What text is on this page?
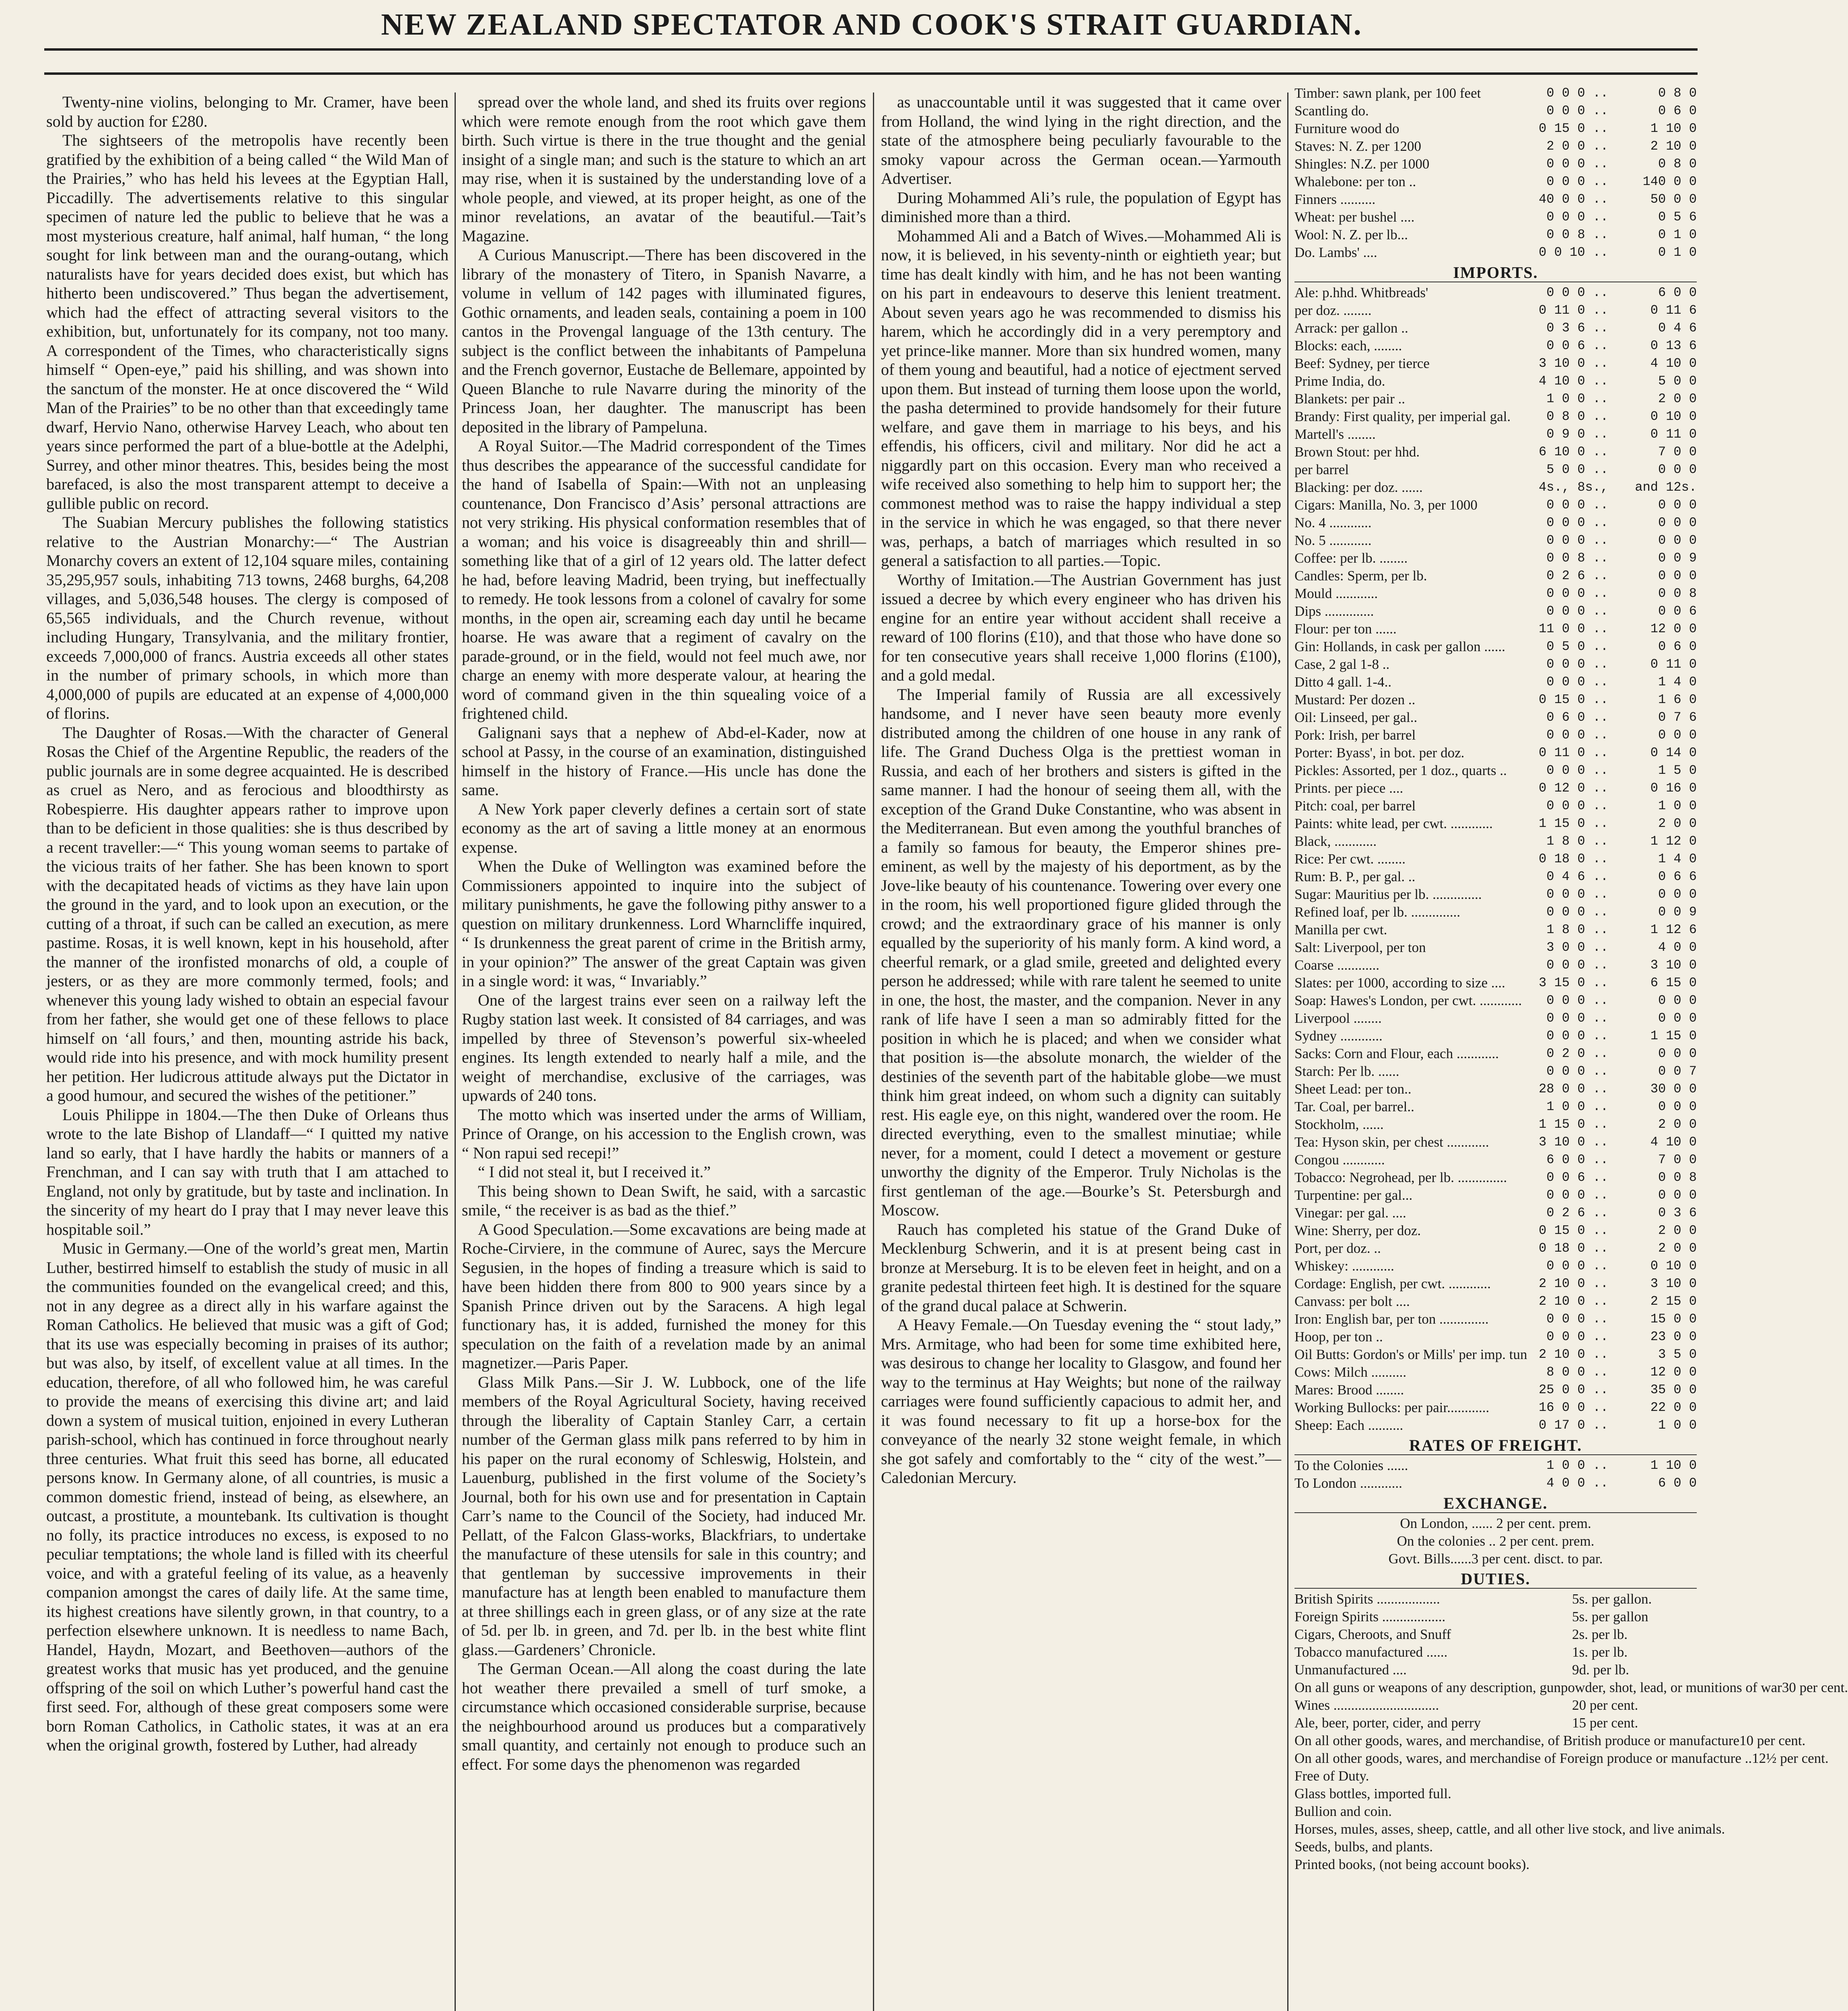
NEW ZEALAND SPECTATOR AND COOK'S STRAIT GUARDIAN.

Twenty-nine violins, belonging to Mr. Cramer, have been sold by auction for £280.

The sightseers of the metropolis have recently been gratified by the exhibition of a being called “ the Wild Man of the Prairies,” who has held his levees at the Egyptian Hall, Piccadilly. The advertisements relative to this singular specimen of nature led the public to believe that he was a most mysterious creature, half animal, half human, “ the long sought for link between man and the ourang-outang, which naturalists have for years decided does exist, but which has hitherto been undiscovered.” Thus began the advertisement, which had the effect of attracting several visitors to the exhibition, but, unfortunately for its company, not too many. A correspondent of the Times, who characteristically signs himself “ Open-eye,” paid his shilling, and was shown into the sanctum of the monster. He at once discovered the “ Wild Man of the Prairies” to be no other than that exceedingly tame dwarf, Hervio Nano, otherwise Harvey Leach, who about ten years since performed the part of a blue-bottle at the Adelphi, Surrey, and other minor theatres. This, besides being the most barefaced, is also the most transparent attempt to deceive a gullible public on record.

The Suabian Mercury publishes the following statistics relative to the Austrian Monarchy:—“ The Austrian Monarchy covers an extent of 12,104 square miles, containing 35,295,957 souls, inhabiting 713 towns, 2468 burghs, 64,208 villages, and 5,036,548 houses. The clergy is composed of 65,565 individuals, and the Church revenue, without including Hungary, Transylvania, and the military frontier, exceeds 7,000,000 of francs. Austria exceeds all other states in the number of primary schools, in which more than 4,000,000 of pupils are educated at an expense of 4,000,000 of florins.

The Daughter of Rosas.—With the character of General Rosas the Chief of the Argentine Republic, the readers of the public journals are in some degree acquainted. He is described as cruel as Nero, and as ferocious and bloodthirsty as Robespierre. His daughter appears rather to improve upon than to be deficient in those qualities: she is thus described by a recent traveller:—“ This young woman seems to partake of the vicious traits of her father. She has been known to sport with the decapitated heads of victims as they have lain upon the ground in the yard, and to look upon an execution, or the cutting of a throat, if such can be called an execution, as mere pastime. Rosas, it is well known, kept in his household, after the manner of the ironfisted monarchs of old, a couple of jesters, or as they are more commonly termed, fools; and whenever this young lady wished to obtain an especial favour from her father, she would get one of these fellows to place himself on ‘all fours,’ and then, mounting astride his back, would ride into his presence, and with mock humility present her petition. Her ludicrous attitude always put the Dictator in a good humour, and secured the wishes of the petitioner.”

Louis Philippe in 1804.—The then Duke of Orleans thus wrote to the late Bishop of Llandaff—“ I quitted my native land so early, that I have hardly the habits or manners of a Frenchman, and I can say with truth that I am attached to England, not only by gratitude, but by taste and inclination. In the sincerity of my heart do I pray that I may never leave this hospitable soil.”

Music in Germany.—One of the world’s great men, Martin Luther, bestirred himself to establish the study of music in all the communities founded on the evangelical creed; and this, not in any degree as a direct ally in his warfare against the Roman Catholics. He believed that music was a gift of God; that its use was especially becoming in praises of its author; but was also, by itself, of excellent value at all times. In the education, therefore, of all who followed him, he was careful to provide the means of exercising this divine art; and laid down a system of musical tuition, enjoined in every Lutheran parish-school, which has continued in force throughout nearly three centuries. What fruit this seed has borne, all educated persons know. In Germany alone, of all countries, is music a common domestic friend, instead of being, as elsewhere, an outcast, a prostitute, a mountebank. Its cultivation is thought no folly, its practice introduces no excess, is exposed to no peculiar temptations; the whole land is filled with its cheerful voice, and with a grateful feeling of its value, as a heavenly companion amongst the cares of daily life. At the same time, its highest creations have silently grown, in that country, to a perfection elsewhere unknown. It is needless to name Bach, Handel, Haydn, Mozart, and Beethoven—authors of the greatest works that music has yet produced, and the genuine offspring of the soil on which Luther’s powerful hand cast the first seed. For, although of these great composers some were born Roman Catholics, in Catholic states, it was at an era when the original growth, fostered by Luther, had already

spread over the whole land, and shed its fruits over regions which were remote enough from the root which gave them birth. Such virtue is there in the true thought and the genial insight of a single man; and such is the stature to which an art may rise, when it is sustained by the understanding love of a whole people, and viewed, at its proper height, as one of the minor revelations, an avatar of the beautiful.—Tait’s Magazine.

A Curious Manuscript.—There has been discovered in the library of the monastery of Titero, in Spanish Navarre, a volume in vellum of 142 pages with illuminated figures, Gothic ornaments, and leaden seals, containing a poem in 100 cantos in the Provengal language of the 13th century. The subject is the conflict between the inhabitants of Pampeluna and the French governor, Eustache de Bellemare, appointed by Queen Blanche to rule Navarre during the minority of the Princess Joan, her daughter. The manuscript has been deposited in the library of Pampeluna.

A Royal Suitor.—The Madrid correspondent of the Times thus describes the appearance of the successful candidate for the hand of Isabella of Spain:—With not an unpleasing countenance, Don Francisco d’Asis’ personal attractions are not very striking. His physical conformation resembles that of a woman; and his voice is disagreeably thin and shrill—something like that of a girl of 12 years old. The latter defect he had, before leaving Madrid, been trying, but ineffectually to remedy. He took lessons from a colonel of cavalry for some months, in the open air, screaming each day until he became hoarse. He was aware that a regiment of cavalry on the parade-ground, or in the field, would not feel much awe, nor charge an enemy with more desperate valour, at hearing the word of command given in the thin squealing voice of a frightened child.

Galignani says that a nephew of Abd-el-Kader, now at school at Passy, in the course of an examination, distinguished himself in the history of France.—His uncle has done the same.

A New York paper cleverly defines a certain sort of state economy as the art of saving a little money at an enormous expense.

When the Duke of Wellington was examined before the Commissioners appointed to inquire into the subject of military punishments, he gave the following pithy answer to a question on military drunkenness. Lord Wharncliffe inquired, “ Is drunkenness the great parent of crime in the British army, in your opinion?” The answer of the great Captain was given in a single word: it was, “ Invariably.”

One of the largest trains ever seen on a railway left the Rugby station last week. It consisted of 84 carriages, and was impelled by three of Stevenson’s powerful six-wheeled engines. Its length extended to nearly half a mile, and the weight of merchandise, exclusive of the carriages, was upwards of 240 tons.

The motto which was inserted under the arms of William, Prince of Orange, on his accession to the English crown, was “ Non rapui sed recepi!”

“ I did not steal it, but I received it.”

This being shown to Dean Swift, he said, with a sarcastic smile, “ the receiver is as bad as the thief.”

A Good Speculation.—Some excavations are being made at Roche-Cirviere, in the commune of Aurec, says the Mercure Segusien, in the hopes of finding a treasure which is said to have been hidden there from 800 to 900 years since by a Spanish Prince driven out by the Saracens. A high legal functionary has, it is added, furnished the money for this speculation on the faith of a revelation made by an animal magnetizer.—Paris Paper.

Glass Milk Pans.—Sir J. W. Lubbock, one of the life members of the Royal Agricultural Society, having received through the liberality of Captain Stanley Carr, a certain number of the German glass milk pans referred to by him in his paper on the rural economy of Schleswig, Holstein, and Lauenburg, published in the first volume of the Society’s Journal, both for his own use and for presentation in Captain Carr’s name to the Council of the Society, had induced Mr. Pellatt, of the Falcon Glass-works, Blackfriars, to undertake the manufacture of these utensils for sale in this country; and that gentleman by successive improvements in their manufacture has at length been enabled to manufacture them at three shillings each in green glass, or of any size at the rate of 5d. per lb. in green, and 7d. per lb. in the best white flint glass.—Gardeners’ Chronicle.

The German Ocean.—All along the coast during the late hot weather there prevailed a smell of turf smoke, a circumstance which occasioned considerable surprise, because the neighbourhood around us produces but a comparatively small quantity, and certainly not enough to produce such an effect. For some days the phenomenon was regarded

as unaccountable until it was suggested that it came over from Holland, the wind lying in the right direction, and the state of the atmosphere being peculiarly favourable to the smoky vapour across the German ocean.—Yarmouth Advertiser.

During Mohammed Ali’s rule, the population of Egypt has diminished more than a third.

Mohammed Ali and a Batch of Wives.—Mohammed Ali is now, it is believed, in his seventy-ninth or eightieth year; but time has dealt kindly with him, and he has not been wanting on his part in endeavours to deserve this lenient treatment. About seven years ago he was recommended to dismiss his harem, which he accordingly did in a very peremptory and yet prince-like manner. More than six hundred women, many of them young and beautiful, had a notice of ejectment served upon them. But instead of turning them loose upon the world, the pasha determined to provide handsomely for their future welfare, and gave them in marriage to his beys, and his effendis, his officers, civil and military. Nor did he act a niggardly part on this occasion. Every man who received a wife received also something to help him to support her; the commonest method was to raise the happy individual a step in the service in which he was engaged, so that there never was, perhaps, a batch of marriages which resulted in so general a satisfaction to all parties.—Topic.

Worthy of Imitation.—The Austrian Government has just issued a decree by which every engineer who has driven his engine for an entire year without accident shall receive a reward of 100 florins (£10), and that those who have done so for ten consecutive years shall receive 1,000 florins (£100), and a gold medal.

The Imperial family of Russia are all excessively handsome, and I never have seen beauty more evenly distributed among the children of one house in any rank of life. The Grand Duchess Olga is the prettiest woman in Russia, and each of her brothers and sisters is gifted in the same manner. I had the honour of seeing them all, with the exception of the Grand Duke Constantine, who was absent in the Mediterranean. But even among the youthful branches of a family so famous for beauty, the Emperor shines pre-eminent, as well by the majesty of his deportment, as by the Jove-like beauty of his countenance. Towering over every one in the room, his well proportioned figure glided through the crowd; and the extraordinary grace of his manner is only equalled by the superiority of his manly form. A kind word, a cheerful remark, or a glad smile, greeted and delighted every person he addressed; while with rare talent he seemed to unite in one, the host, the master, and the companion. Never in any rank of life have I seen a man so admirably fitted for the position in which he is placed; and when we consider what that position is—the absolute monarch, the wielder of the destinies of the seventh part of the habitable globe—we must think him great indeed, on whom such a dignity can suitably rest. His eagle eye, on this night, wandered over the room. He directed everything, even to the smallest minutiae; while never, for a moment, could I detect a movement or gesture unworthy the dignity of the Emperor. Truly Nicholas is the first gentleman of the age.—Bourke’s St. Petersburgh and Moscow.

Rauch has completed his statue of the Grand Duke of Mecklenburg Schwerin, and it is at present being cast in bronze at Merseburg. It is to be eleven feet in height, and on a granite pedestal thirteen feet high. It is destined for the square of the grand ducal palace at Schwerin.

A Heavy Female.—On Tuesday evening the “ stout lady,” Mrs. Armitage, who had been for some time exhibited here, was desirous to change her locality to Glasgow, and found her way to the terminus at Hay Weights; but none of the railway carriages were found sufficiently capacious to admit her, and it was found necessary to fit up a horse-box for the conveyance of the nearly 32 stone weight female, in which she got safely and comfortably to the “ city of the west.”—Caledonian Mercury.

Timber: sawn plank, per 100 feet	0 0 0 ..	0 8 0
Scantling do.	0 0 0 ..	0 6 0
Furniture wood do	0 15 0 ..	1 10 0
Staves: N. Z. per 1200	2 0 0 ..	2 10 0
Shingles: N.Z. per 1000	0 0 0 ..	0 8 0
Whalebone: per ton ..	0 0 0 ..	140 0 0
Finners ..........	40 0 0 ..	50 0 0
Wheat: per bushel ....	0 0 0 ..	0 5 6
Wool: N. Z. per lb...	0 0 8 ..	0 1 0
Do. Lambs' ....	0 0 10 ..	0 1 0
IMPORTS.
Ale: p.hhd. Whitbreads'	0 0 0 ..	6 0 0
per doz. ........	0 11 0 ..	0 11 6
Arrack: per gallon ..	0 3 6 ..	0 4 6
Blocks: each, ........	0 0 6 ..	0 13 6
Beef: Sydney, per tierce	3 10 0 ..	4 10 0
Prime India, do.	4 10 0 ..	5 0 0
Blankets: per pair ..	1 0 0 ..	2 0 0
Brandy: First quality, per imperial gal.	0 8 0 ..	0 10 0
Martell's ........	0 9 0 ..	0 11 0
Brown Stout: per hhd.	6 10 0 ..	7 0 0
per barrel	5 0 0 ..	0 0 0
Blacking: per doz. ......	4s., 8s.,	and 12s.
Cigars: Manilla, No. 3, per 1000	0 0 0 ..	0 0 0
No. 4 ............	0 0 0 ..	0 0 0
No. 5 ............	0 0 0 ..	0 0 0
Coffee: per lb. ........	0 0 8 ..	0 0 9
Candles: Sperm, per lb.	0 2 6 ..	0 0 0
Mould ............	0 0 0 ..	0 0 8
Dips ..............	0 0 0 ..	0 0 6
Flour: per ton ......	11 0 0 ..	12 0 0
Gin: Hollands, in cask per gallon ......	0 5 0 ..	0 6 0
Case, 2 gal 1-8 ..	0 0 0 ..	0 11 0
Ditto 4 gall. 1-4..	0 0 0 ..	1 4 0
Mustard: Per dozen ..	0 15 0 ..	1 6 0
Oil: Linseed, per gal..	0 6 0 ..	0 7 6
Pork: Irish, per barrel	0 0 0 ..	0 0 0
Porter: Byass', in bot. per doz.	0 11 0 ..	0 14 0
Pickles: Assorted, per 1 doz., quarts ..	0 0 0 ..	1 5 0
Prints. per piece ....	0 12 0 ..	0 16 0
Pitch: coal, per barrel	0 0 0 ..	1 0 0
Paints: white lead, per cwt. ............	1 15 0 ..	2 0 0
Black, ............	1 8 0 ..	1 12 0
Rice: Per cwt. ........	0 18 0 ..	1 4 0
Rum: B. P., per gal. ..	0 4 6 ..	0 6 6
Sugar: Mauritius per lb. ..............	0 0 0 ..	0 0 0
Refined loaf, per lb. ..............	0 0 0 ..	0 0 9
Manilla per cwt.	1 8 0 ..	1 12 6
Salt: Liverpool, per ton	3 0 0 ..	4 0 0
Coarse ............	0 0 0 ..	3 10 0
Slates: per 1000, according to size ....	3 15 0 ..	6 15 0
Soap: Hawes's London, per cwt. ............	0 0 0 ..	0 0 0
Liverpool ........	0 0 0 ..	0 0 0
Sydney ............	0 0 0 ..	1 15 0
Sacks: Corn and Flour, each ............	0 2 0 ..	0 0 0
Starch: Per lb. ......	0 0 0 ..	0 0 7
Sheet Lead: per ton..	28 0 0 ..	30 0 0
Tar. Coal, per barrel..	1 0 0 ..	0 0 0
Stockholm, ......	1 15 0 ..	2 0 0
Tea: Hyson skin, per chest ............	3 10 0 ..	4 10 0
Congou ............	6 0 0 ..	7 0 0
Tobacco: Negrohead, per lb. ..............	0 0 6 ..	0 0 8
Turpentine: per gal...	0 0 0 ..	0 0 0
Vinegar: per gal. ....	0 2 6 ..	0 3 6
Wine: Sherry, per doz.	0 15 0 ..	2 0 0
Port, per doz. ..	0 18 0 ..	2 0 0
Whiskey: ............	0 0 0 ..	0 10 0
Cordage: English, per cwt. ............	2 10 0 ..	3 10 0
Canvass: per bolt ....	2 10 0 ..	2 15 0
Iron: English bar, per ton ..............	0 0 0 ..	15 0 0
Hoop, per ton ..	0 0 0 ..	23 0 0
Oil Butts: Gordon's or Mills' per imp. tun 2 10 0 ..	3 5 0
Cows: Milch ..........	8 0 0 ..	12 0 0
Mares: Brood ........	25 0 0 ..	35 0 0
Working Bullocks: per pair............	16 0 0 ..	22 0 0
Sheep: Each ..........	0 17 0 ..	1 0 0
RATES OF FREIGHT.
To the Colonies ......	1 0 0 ..	1 10 0
To London ............	4 0 0 ..	6 0 0
EXCHANGE.
On London, ...... 2 per cent. prem.
On the colonies .. 2 per cent. prem.
Govt. Bills......3 per cent. disct. to par.
DUTIES.
British Spirits ..................	5s. per gallon.
Foreign Spirits ..................	5s. per gallon
Cigars, Cheroots, and Snuff	2s. per lb.
Tobacco manufactured ......	1s. per lb.
Unmanufactured ....	9d. per lb.
On all guns or weapons of any description, gunpowder, shot, lead, or munitions of war 30 per cent.
Wines ..............................	20 per cent.
Ale, beer, porter, cider, and perry	15 per cent.
On all other goods, wares, and merchandise, of British produce or manufacture 10 per cent.
On all other goods, wares, and merchandise of Foreign produce or manufacture .. 12½ per cent.
Free of Duty.
Glass bottles, imported full.
Bullion and coin.
Horses, mules, asses, sheep, cattle, and all other live stock, and live animals.
Seeds, bulbs, and plants.
Printed books, (not being account books).
